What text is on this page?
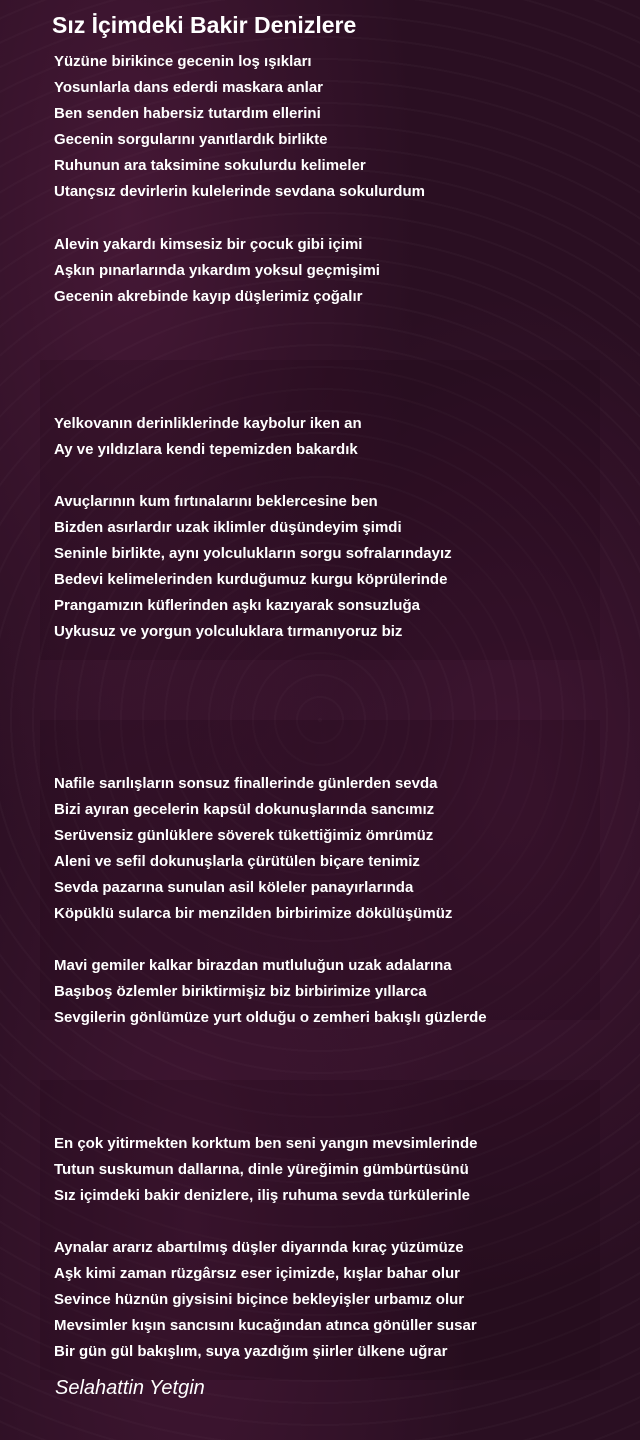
Sız İçimdeki Bakir Denizlere
Yüzüne birikince gecenin loş ışıkları
Yosunlarla dans ederdi maskara anlar
Ben senden habersiz tutardım ellerini
Gecenin sorgularını yanıtlardık birlikte
Ruhunun ara taksimine sokulurdu kelimeler
Utançsız devirlerin kulelerinde sevdana sokulurdum
Alevin yakardı kimsesiz bir çocuk gibi içimi
Aşkın pınarlarında yıkardım yoksul geçmişimi
Gecenin akrebinde kayıp düşlerimiz çoğalır
Yelkovanın derinliklerinde kaybolur iken an
Ay ve yıldızlara kendi tepemizden bakardık
Avuçlarının kum fırtınalarını beklercesine ben
Bizden asırlardır uzak iklimler düşündeyim şimdi
Seninle birlikte, aynı yolculukların sorgu sofralarındayız
Bedevi kelimelerinden kurduğumuz kurgu köprülerinde
Prangamızın küflerinden aşkı kazıyarak sonsuzluğa
Uykusuz ve yorgun yolculuklara tırmanıyoruz biz
Nafile sarılışların sonsuz finallerinde günlerden sevda
Bizi ayıran gecelerin kapsül dokunuşlarında sancımız
Serüvensiz günlüklere söverek tükettiğimiz ömrümüz
Aleni ve sefil dokunuşlarla çürütülen biçare tenimiz
Sevda pazarına sunulan asil köleler panayırlarında
Köpüklü sularca bir menzilden birbirimize dökülüşümüz
Mavi gemiler kalkar birazdan mutluluğun uzak adalarına
Başıboş özlemler biriktirmişiz biz birbirimize yıllarca
Sevgilerin gönlümüze yurt olduğu o zemheri bakışlı güzlerde
En çok yitirmekten korktum ben seni yangın mevsimlerinde
Tutun suskumun dallarına, dinle yüreğimin gümbürtüsünü
Sız içimdeki bakir denizlere, iliş ruhuma sevda türkülerinle
Aynalar ararız abartılmış düşler diyarında kıraç yüzümüze
Aşk kimi zaman rüzgârsız eser içimizde, kışlar bahar olur
Sevince hüznün giysisini biçince bekleyişler urbamız olur
Mevsimler kışın sancısını kucağından atınca gönüller susar
Bir gün gül bakışlım, suya yazdığım şiirler ülkene uğrar
Selahattin Yetgin
